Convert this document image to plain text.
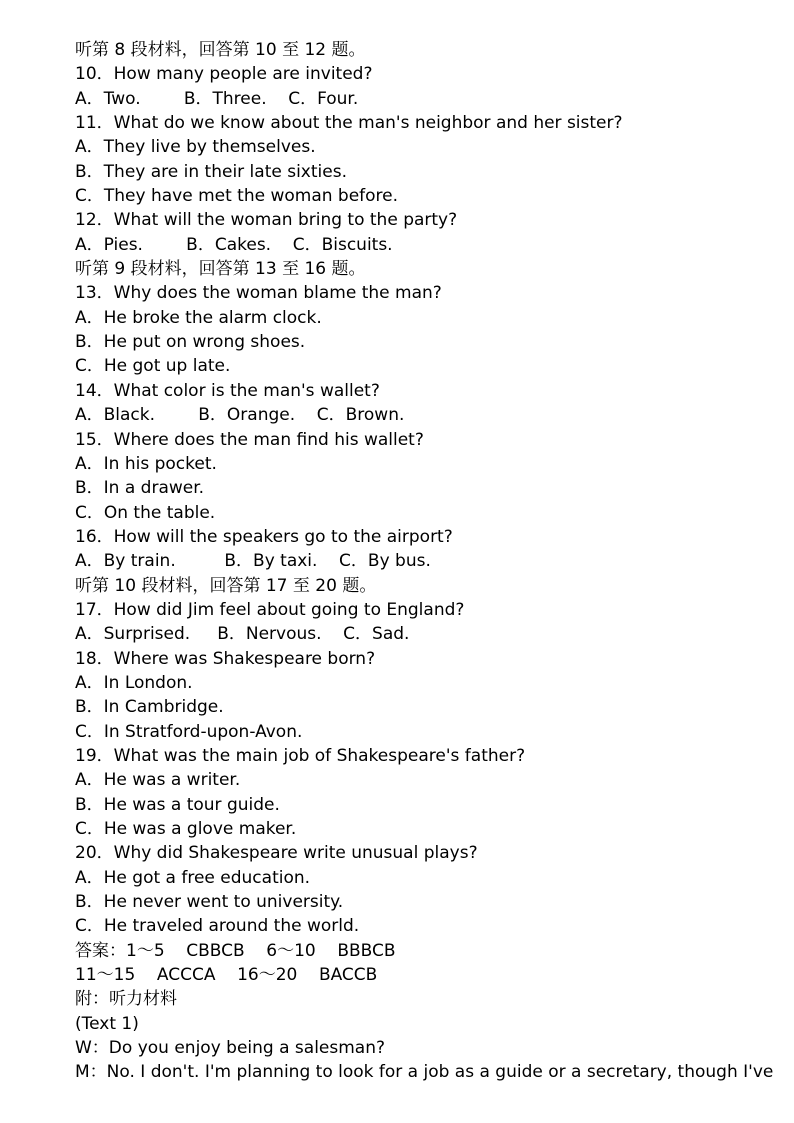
听第 8 段材料，回答第 10 至 12 题。
10．How many people are invited?
A．Two.        B．Three.    C．Four.
11．What do we know about the man's neighbor and her sister?
A．They live by themselves.
B．They are in their late sixties.
C．They have met the woman before.
12．What will the woman bring to the party?
A．Pies.        B．Cakes.    C．Biscuits.
听第 9 段材料，回答第 13 至 16 题。
13．Why does the woman blame the man?
A．He broke the alarm clock.
B．He put on wrong shoes.
C．He got up late.
14．What color is the man's wallet?
A．Black.        B．Orange.    C．Brown.
15．Where does the man find his wallet?
A．In his pocket.
B．In a drawer.
C．On the table.
16．How will the speakers go to the airport?
A．By train.         B．By taxi.    C．By bus.
听第 10 段材料，回答第 17 至 20 题。
17．How did Jim feel about going to England?
A．Surprised.     B．Nervous.    C．Sad.
18．Where was Shakespeare born?
A．In London.
B．In Cambridge.
C．In Stratford-upon-Avon.
19．What was the main job of Shakespeare's father?
A．He was a writer.
B．He was a tour guide.
C．He was a glove maker.
20．Why did Shakespeare write unusual plays?
A．He got a free education.
B．He never went to university.
C．He traveled around the world.
答案：1～5    CBBCB    6～10    BBBCB
11～15    ACCCA    16～20    BACCB
附：听力材料
(Text 1)
W：Do you enjoy being a salesman?
M：No. I don't. I'm planning to look for a job as a guide or a secretary, though I've
